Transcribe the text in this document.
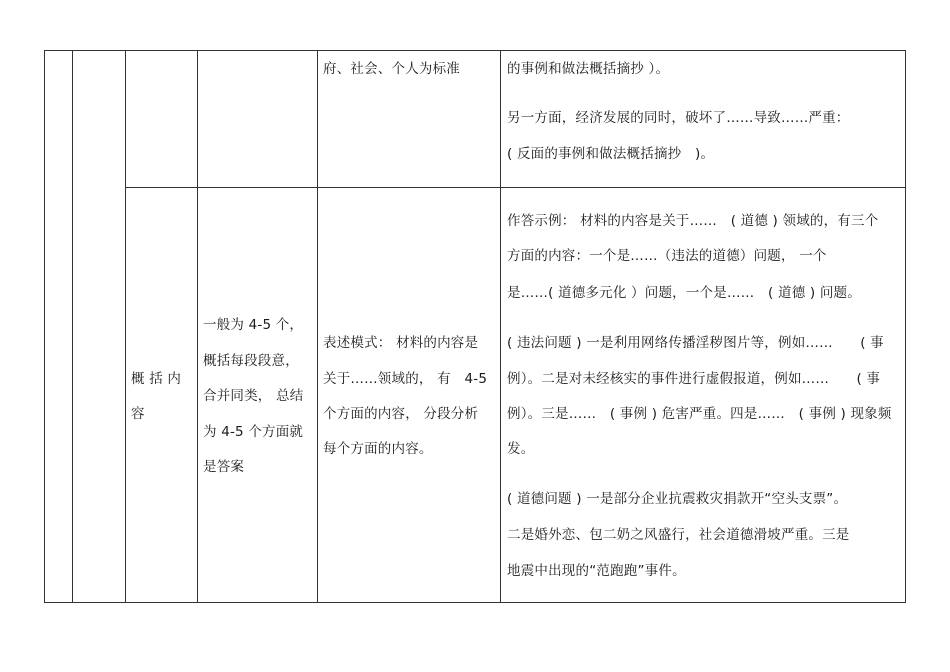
府、社会、个人为标准	的事例和做法概括摘抄 ）。
另一方面，经济发展的同时，破坏了……导致……严重：
( 反面的事例和做法概括摘抄　)。
概 括 内
容
一般为 4-5 个，
概括每段段意，
合并同类， 总结
为 4-5 个方面就
是答案
表述模式： 材料的内容是
关于……领域的， 有　4-5
个方面的内容， 分段分析
每个方面的内容。
作答示例： 材料的内容是关于……　( 道德 ) 领域的，有三个
方面的内容：一个是……（违法的道德）问题， 一个
是……( 道德多元化 ）问题，一个是……　( 道德 ) 问题。
( 违法问题 ) 一是利用网络传播淫秽图片等，例如……　　( 事
例）。二是对未经核实的事件进行虚假报道，例如……　　( 事
例）。三是……　( 事例 ) 危害严重。四是……　( 事例 ) 现象频
发。
( 道德问题 ) 一是部分企业抗震救灾捐款开“空头支票”。
二是婚外恋、包二奶之风盛行，社会道德滑坡严重。三是
地震中出现的“范跑跑”事件。
